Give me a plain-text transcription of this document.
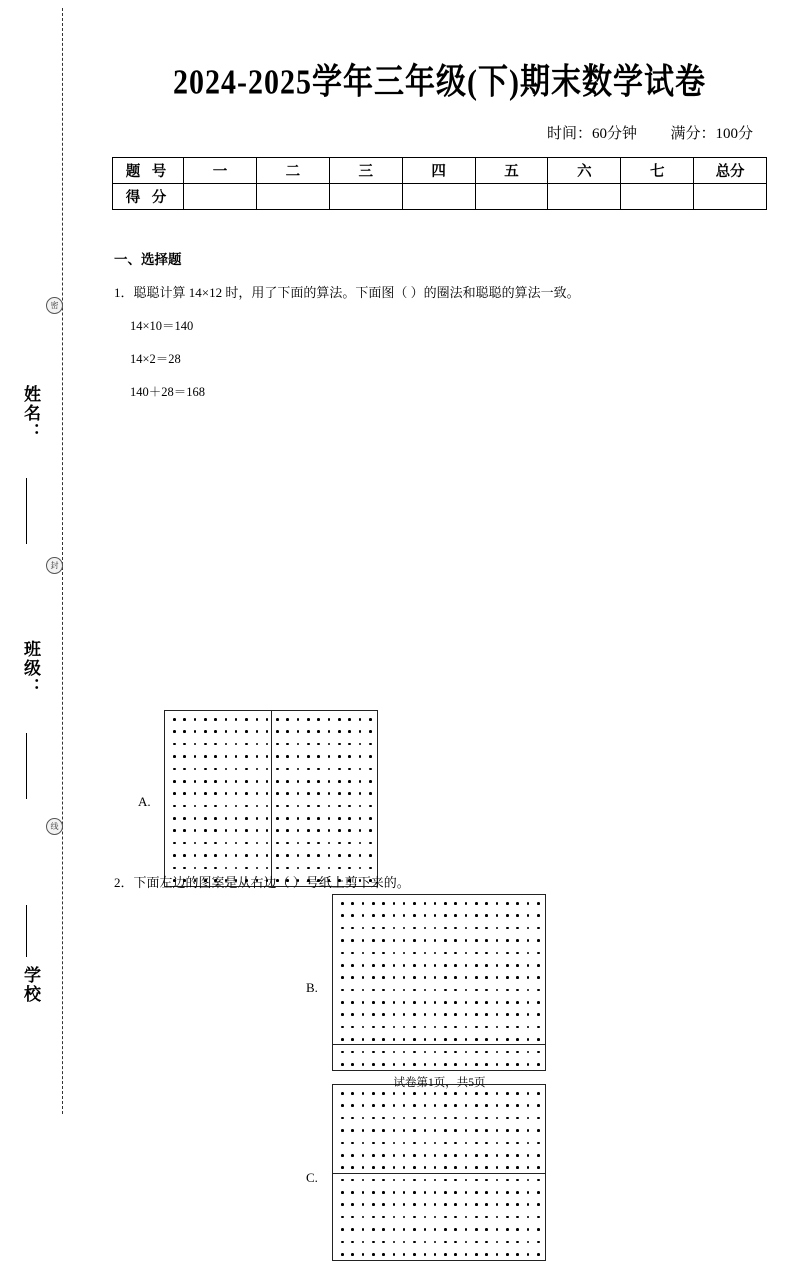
密
姓名：
封
班级：
线
学校
2024-2025学年三年级(下)期末数学试卷
时间：60分钟 满分：100分
题 号	一	二	三	四	五	六	七	总分
得 分								
一、选择题
1．聪聪计算 14×12 时，用了下面的算法。下面图（ ）的圈法和聪聪的算法一致。
14×10＝140
14×2＝28
140＋28＝168
A.
B.
C.
2．下面左边的图案是从右边（ ）号纸上剪下来的。
试卷第1页，共5页
